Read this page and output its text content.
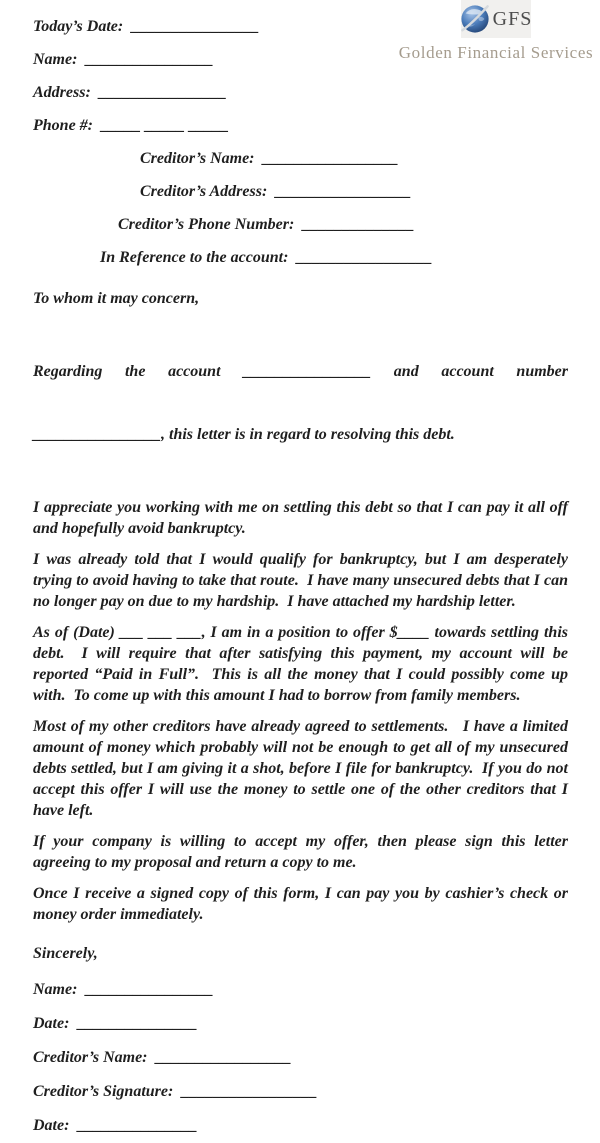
GFS
Golden Financial Services
Today’s Date: ________________
Name: ________________
Address: ________________
Phone #: _____ _____ _____
Creditor’s Name: _________________
Creditor’s Address: _________________
Creditor’s Phone Number: ______________
In Reference to the account: _________________

To whom it may concern,

Regarding the account ________________ and account number

________________, this letter is in regard to resolving this debt.

I appreciate you working with me on settling this debt so that I can pay it all off and hopefully avoid bankruptcy.

I was already told that I would qualify for bankruptcy, but I am desperately trying to avoid having to take that route.  I have many unsecured debts that I can no longer pay on due to my hardship.  I have attached my hardship letter.

As of (Date) ___ ___ ___, I am in a position to offer $____ towards settling this debt.  I will require that after satisfying this payment, my account will be reported “Paid in Full”.  This is all the money that I could possibly come up with.  To come up with this amount I had to borrow from family members.

Most of my other creditors have already agreed to settlements.   I have a limited amount of money which probably will not be enough to get all of my unsecured debts settled, but I am giving it a shot, before I file for bankruptcy.  If you do not accept this offer I will use the money to settle one of the other creditors that I have left.

If your company is willing to accept my offer, then please sign this letter agreeing to my proposal and return a copy to me.

Once I receive a signed copy of this form, I can pay you by cashier’s check or money order immediately.

Sincerely,
Name: ________________
Date: _______________
Creditor’s Name: _________________
Creditor’s Signature: _________________
Date: _______________
